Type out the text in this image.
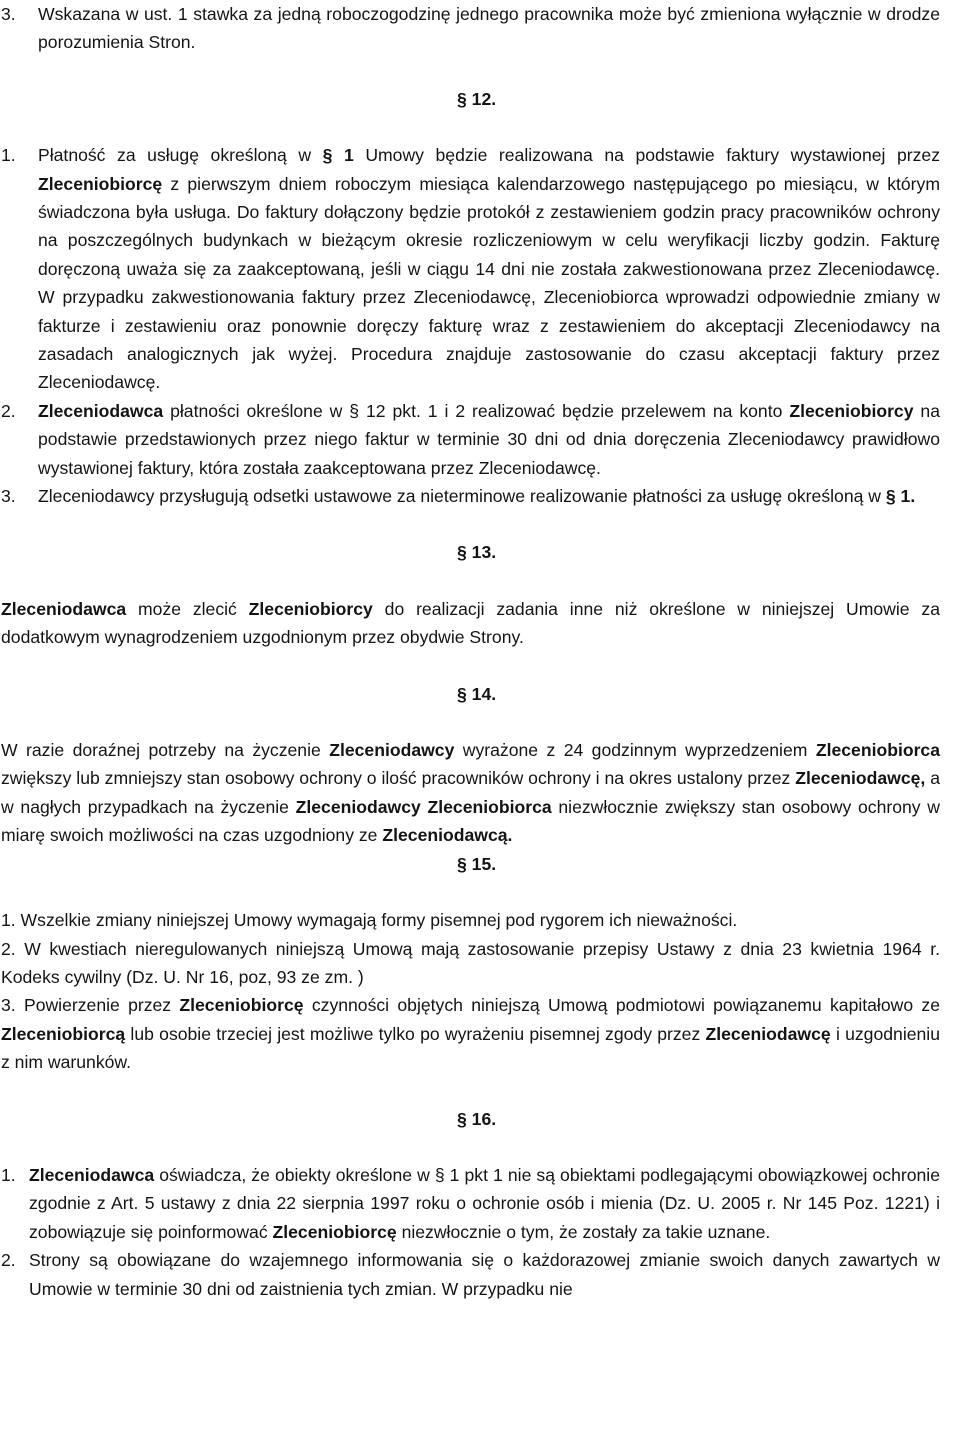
3.	Wskazana w ust. 1 stawka za jedną roboczogodzinę jednego pracownika może być zmieniona wyłącznie w drodze porozumienia Stron.
§ 12.
1.	Płatność za usługę określoną w § 1 Umowy będzie realizowana na podstawie faktury wystawionej przez Zleceniobiorcę z pierwszym dniem roboczym miesiąca kalendarzowego następującego po miesiącu, w którym świadczona była usługa. Do faktury dołączony będzie protokół z zestawieniem godzin pracy pracowników ochrony na poszczególnych budynkach w bieżącym okresie rozliczeniowym w celu weryfikacji liczby godzin. Fakturę doręczoną uważa się za zaakceptowaną, jeśli w ciągu 14 dni nie została zakwestionowana przez Zleceniodawcę. W przypadku zakwestionowania faktury przez Zleceniodawcę, Zleceniobiorca wprowadzi odpowiednie zmiany w fakturze i zestawieniu oraz ponownie doręczy fakturę wraz z zestawieniem do akceptacji Zleceniodawcy na zasadach analogicznych jak wyżej. Procedura znajduje zastosowanie do czasu akceptacji faktury przez Zleceniodawcę.
2.	Zleceniodawca płatności określone w § 12 pkt. 1 i 2 realizować będzie przelewem na konto Zleceniobiorcy na podstawie przedstawionych przez niego faktur w terminie 30 dni od dnia doręczenia Zleceniodawcy prawidłowo wystawionej faktury, która została zaakceptowana przez Zleceniodawcę.
3.	Zleceniodawcy przysługują odsetki ustawowe za nieterminowe realizowanie płatności za usługę określoną w § 1.
§ 13.

Zleceniodawca może zlecić Zleceniobiorcy do realizacji zadania inne niż określone w niniejszej Umowie za dodatkowym wynagrodzeniem uzgodnionym przez obydwie Strony.

§ 14.

W razie doraźnej potrzeby na życzenie Zleceniodawcy wyrażone z 24 godzinnym wyprzedzeniem Zleceniobiorca zwiększy lub zmniejszy stan osobowy ochrony o ilość pracowników ochrony i na okres ustalony przez Zleceniodawcę, a w nagłych przypadkach na życzenie Zleceniodawcy Zleceniobiorca niezwłocznie zwiększy stan osobowy ochrony w miarę swoich możliwości na czas uzgodniony ze Zleceniodawcą.

§ 15.

1. Wszelkie zmiany niniejszej Umowy wymagają formy pisemnej pod rygorem ich nieważności.

2. W kwestiach nieregulowanych niniejszą Umową mają zastosowanie przepisy Ustawy z dnia 23 kwietnia 1964 r. Kodeks cywilny (Dz. U. Nr 16, poz, 93 ze zm. )

3. Powierzenie przez Zleceniobiorcę czynności objętych niniejszą Umową podmiotowi powiązanemu kapitałowo ze Zleceniobiorcą lub osobie trzeciej jest możliwe tylko po wyrażeniu pisemnej zgody przez Zleceniodawcę i uzgodnieniu z nim warunków.

§ 16.
1. Zleceniodawca oświadcza, że obiekty określone w § 1 pkt 1 nie są obiektami podlegającymi obowiązkowej ochronie zgodnie z Art. 5 ustawy z dnia 22 sierpnia 1997 roku o ochronie osób i mienia (Dz. U. 2005 r. Nr 145 Poz. 1221) i zobowiązuje się poinformować Zleceniobiorcę niezwłocznie o tym, że zostały za takie uznane.
2. Strony są obowiązane do wzajemnego informowania się o każdorazowej zmianie swoich danych zawartych w Umowie w terminie 30 dni od zaistnienia tych zmian. W przypadku nie
